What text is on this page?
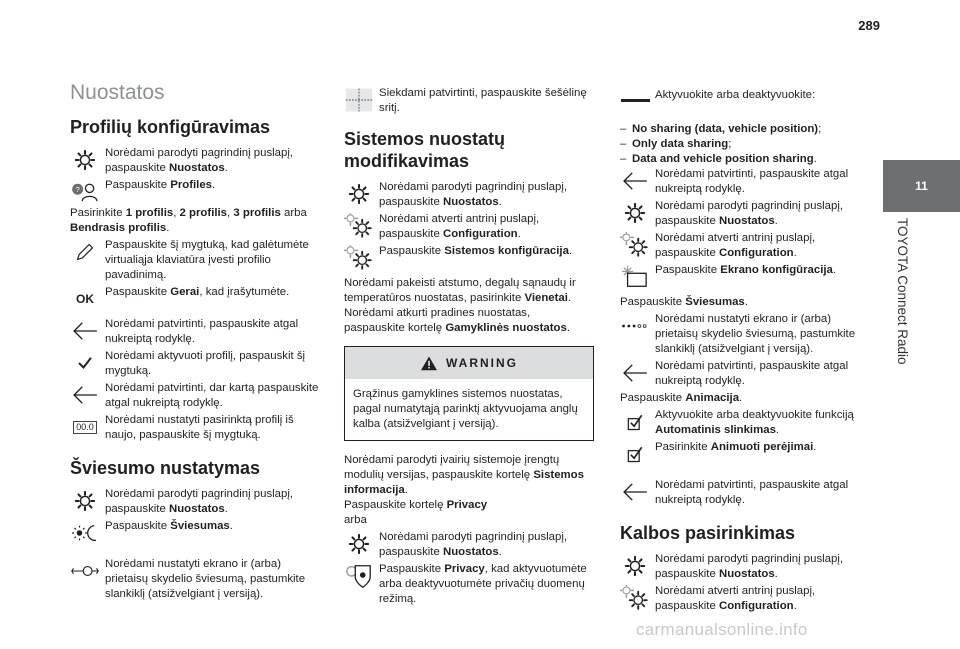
289
11
TOYOTA Connect Radio
Nuostatos
Profilių konfigūravimas

Norėdami parodyti pagrindinį puslapį, paspauskite Nuostatos.

Paspauskite Profiles.

Pasirinkite 1 profilis, 2 profilis, 3 profilis arba Bendrasis profilis.

Paspauskite šį mygtuką, kad galėtumėte virtualiąja klaviatūra įvesti profilio pavadinimą.

OK Paspauskite Gerai, kad įrašytumėte.

Norėdami patvirtinti, paspauskite atgal nukreiptą rodyklę.

Norėdami aktyvuoti profilį, paspauskit šį mygtuką.

Norėdami patvirtinti, dar kartą paspauskite atgal nukreiptą rodyklę.

00.0

Norėdami nustatyti pasirinktą profilį iš naujo, paspauskite šį mygtuką.

Šviesumo nustatymas

Norėdami parodyti pagrindinį puslapį, paspauskite Nuostatos.

Paspauskite Šviesumas.

Norėdami nustatyti ekrano ir (arba) prietaisų skydelio šviesumą, pastumkite slankiklį (atsižvelgiant į versiją).

Siekdami patvirtinti, paspauskite šešėlinę sritį.

Sistemos nuostatų modifikavimas

Norėdami parodyti pagrindinį puslapį, paspauskite Nuostatos.

Norėdami atverti antrinį puslapį, paspauskite Configuration.

Paspauskite Sistemos konfigūracija.

Norėdami pakeisti atstumo, degalų sąnaudų ir temperatūros nuostatas, pasirinkite Vienetai.
Norėdami atkurti pradines nuostatas, paspauskite kortelę Gamyklinės nuostatos.

WARNING
Grąžinus gamyklines sistemos nuostatas, pagal numatytąją parinktį aktyvuojama anglų kalba (atsižvelgiant į versiją).

Norėdami parodyti įvairių sistemoje įrengtų modulių versijas, paspauskite kortelę Sistemos informacija.
Paspauskite kortelę Privacy
arba

Norėdami parodyti pagrindinį puslapį, paspauskite Nuostatos.

Paspauskite Privacy, kad aktyvuotumėte arba deaktyvuotumėte privačių duomenų režimą.

Aktyvuokite arba deaktyvuokite:

– No sharing (data, vehicle position);
– Only data sharing;
– Data and vehicle position sharing.

Norėdami patvirtinti, paspauskite atgal nukreiptą rodyklę.

Norėdami parodyti pagrindinį puslapį, paspauskite Nuostatos.

Norėdami atverti antrinį puslapį, paspauskite Configuration.

Paspauskite Ekrano konfigūracija.

Paspauskite Šviesumas.

Norėdami nustatyti ekrano ir (arba) prietaisų skydelio šviesumą, pastumkite slankiklį (atsižvelgiant į versiją).

Norėdami patvirtinti, paspauskite atgal nukreiptą rodyklę.

Paspauskite Animacija.

Aktyvuokite arba deaktyvuokite funkciją Automatinis slinkimas.

Pasirinkite Animuoti perėjimai.

Norėdami patvirtinti, paspauskite atgal nukreiptą rodyklę.

Kalbos pasirinkimas

Norėdami parodyti pagrindinį puslapį, paspauskite Nuostatos.

Norėdami atverti antrinį puslapį, paspauskite Configuration.

carmanualsonline.info
